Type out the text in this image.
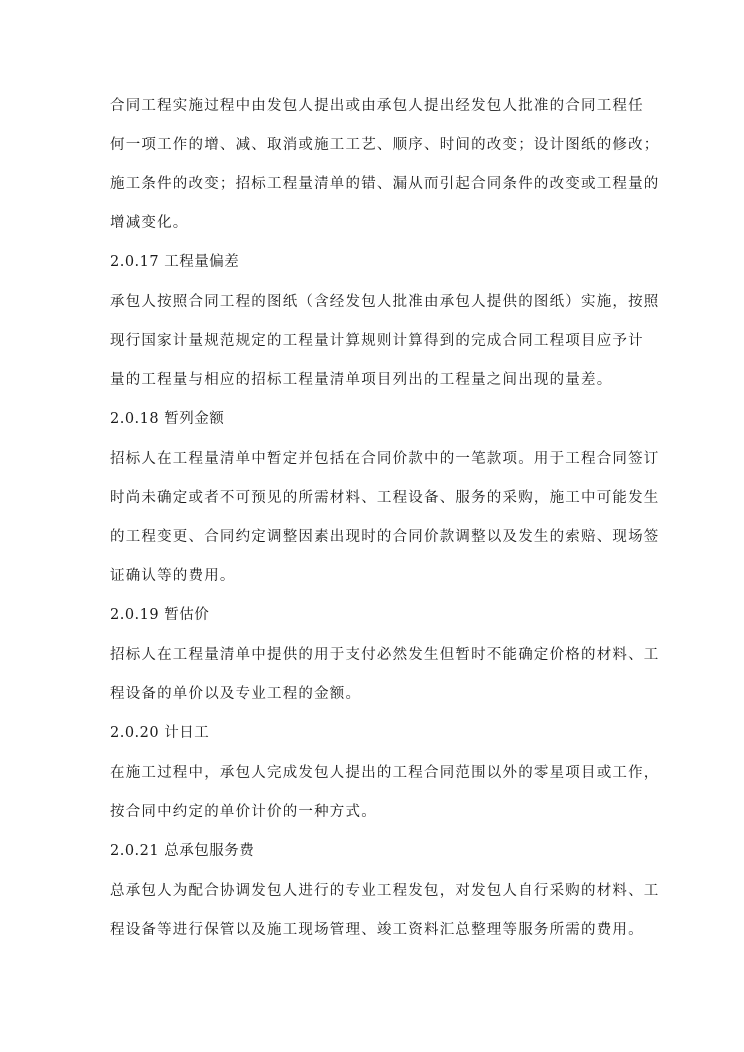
合同工程实施过程中由发包人提出或由承包人提出经发包人批准的合同工程任
何一项工作的增、减、取消或施工工艺、顺序、时间的改变；设计图纸的修改；
施工条件的改变；招标工程量清单的错、漏从而引起合同条件的改变或工程量的
增减变化。
2.0.17 工程量偏差
承包人按照合同工程的图纸（含经发包人批准由承包人提供的图纸）实施，按照
现行国家计量规范规定的工程量计算规则计算得到的完成合同工程项目应予计
量的工程量与相应的招标工程量清单项目列出的工程量之间出现的量差。
2.0.18 暂列金额
招标人在工程量清单中暂定并包括在合同价款中的一笔款项。用于工程合同签订
时尚未确定或者不可预见的所需材料、工程设备、服务的采购，施工中可能发生
的工程变更、合同约定调整因素出现时的合同价款调整以及发生的索赔、现场签
证确认等的费用。
2.0.19 暂估价
招标人在工程量清单中提供的用于支付必然发生但暂时不能确定价格的材料、工
程设备的单价以及专业工程的金额。
2.0.20 计日工
在施工过程中，承包人完成发包人提出的工程合同范围以外的零星项目或工作，
按合同中约定的单价计价的一种方式。
2.0.21 总承包服务费
总承包人为配合协调发包人进行的专业工程发包，对发包人自行采购的材料、工
程设备等进行保管以及施工现场管理、竣工资料汇总整理等服务所需的费用。
